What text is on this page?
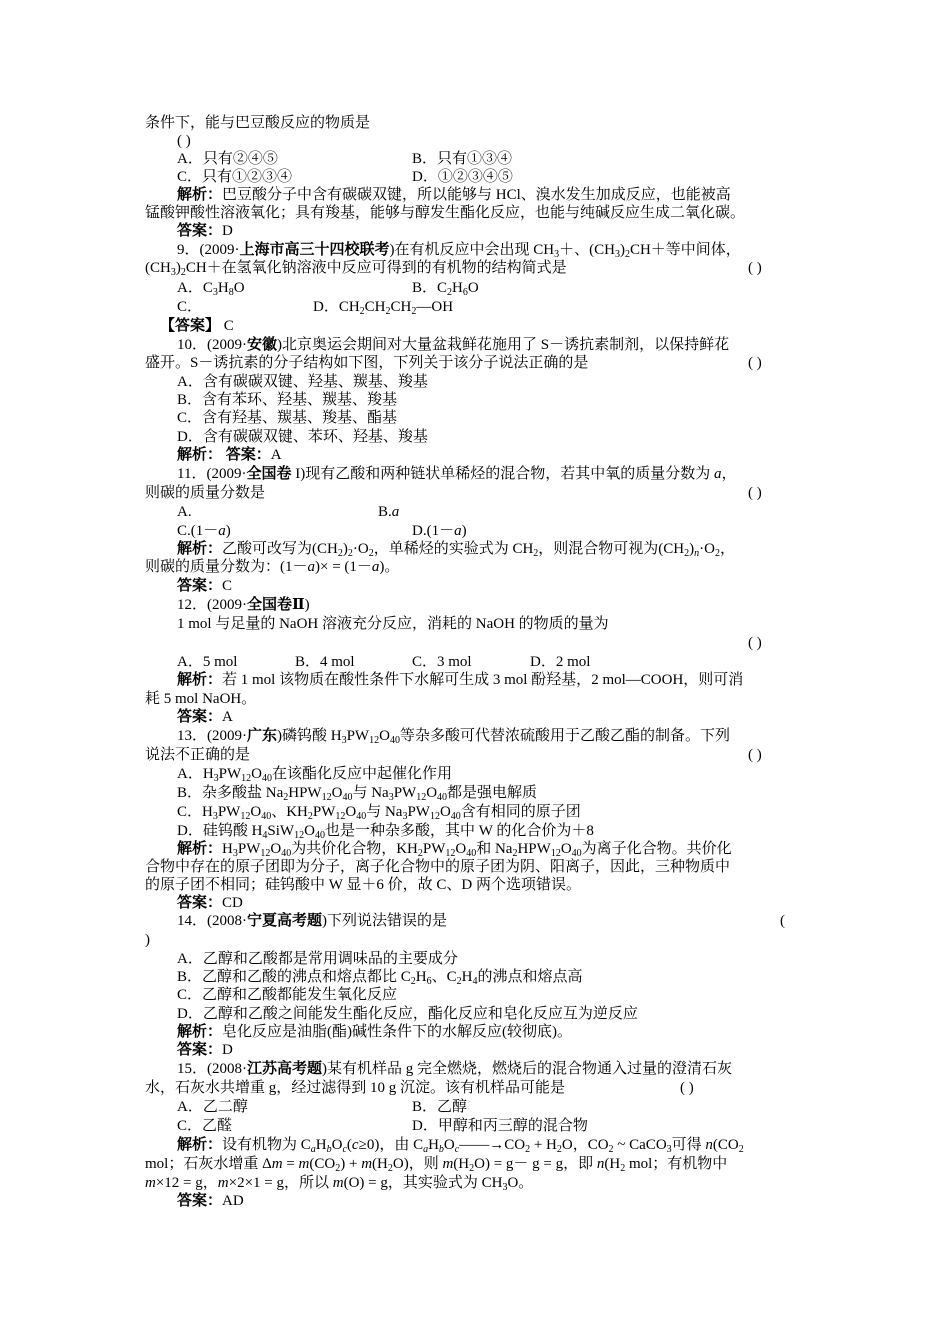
条件下，能与巴豆酸反应的物质是
( )
A．只有②④⑤	B．只有①③④
C．只有①②③④	D．①②③④⑤
解析：巴豆酸分子中含有碳碳双键，所以能够与 HCl、溴水发生加成反应，也能被高
锰酸钾酸性溶液氧化；具有羧基，能够与醇发生酯化反应，也能与纯碱反应生成二氧化碳。
答案：D
9．(2009·上海市高三十四校联考)在有机反应中会出现 $CH_3+$、$(CH_3)_2CH+$等中间体，
$(CH_3)_2CH+$在氢氧化钠溶液中反应可得到的有机物的结构简式是	( )
A．$C_3H_8O$	B．$C_2H_6O$
C．	D．$CH_2CH_2CH_2—OH$
【答案】 C
10．(2009·安徽)北京奥运会期间对大量盆栽鲜花施用了 S－诱抗素制剂，以保持鲜花
盛开。S－诱抗素的分子结构如下图，下列关于该分子说法正确的是	( )
A．含有碳碳双键、羟基、羰基、羧基
B．含有苯环、羟基、羰基、羧基
C．含有羟基、羰基、羧基、酯基
D．含有碳碳双键、苯环、羟基、羧基
解析： 答案：A
11．(2009·全国卷 I)现有乙酸和两种链状单稀烃的混合物，若其中氧的质量分数为 a，
则碳的质量分数是	( )
A.	B.a
C.(1－a)	D.(1－a)
解析：乙酸可改写为$(CH_2)_2\cdot O_2$，单稀烃的实验式为 $CH_2$，则混合物可视为$(CH_2)_n\cdot O_2$，
则碳的质量分数为：(1－a)× = (1－a)。
答案：C
12．(2009·全国卷Ⅱ)
1 mol 与足量的 NaOH 溶液充分反应，消耗的 NaOH 的物质的量为
( )
A．5 mol	B．4 mol	C．3 mol	D．2 mol
解析：若 1 mol 该物质在酸性条件下水解可生成 3 mol 酚羟基，2 mol—COOH，则可消
耗 5 mol NaOH。
答案：A
13．(2009·广东)磷钨酸 $H_3PW_{12}O_{40}$等杂多酸可代替浓硫酸用于乙酸乙酯的制备。下列
说法不正确的是	( )
A．$H_3PW_{12}O_{40}$在该酯化反应中起催化作用
B．杂多酸盐 $Na_2HPW_{12}O_{40}$与 $Na_3PW_{12}O_{40}$都是强电解质
C．$H_3PW_{12}O_{40}$、$KH_2PW_{12}O_{40}$与 $Na_3PW_{12}O_{40}$含有相同的原子团
D．硅钨酸 $H_4SiW_{12}O_{40}$也是一种杂多酸，其中 W 的化合价为＋8
解析：$H_3PW_{12}O_{40}$为共价化合物，$KH_2PW_{12}O_{40}$和 $Na_2HPW_{12}O_{40}$为离子化合物。共价化
合物中存在的原子团即为分子，离子化合物中的原子团为阴、阳离子，因此，三种物质中
的原子团不相同；硅钨酸中 W 显＋6 价，故 C、D 两个选项错误。
答案：CD
14．(2008·宁夏高考题)下列说法错误的是	(
)
A．乙醇和乙酸都是常用调味品的主要成分
B．乙醇和乙酸的沸点和熔点都比 $C_2H_6$、$C_2H_4$的沸点和熔点高
C．乙醇和乙酸都能发生氧化反应
D．乙醇和乙酸之间能发生酯化反应，酯化反应和皂化反应互为逆反应
解析：皂化反应是油脂(酯)碱性条件下的水解反应(较彻底)。
答案：D
15．(2008·江苏高考题)某有机样品 g 完全燃烧，燃烧后的混合物通入过量的澄清石灰
水，石灰水共增重 g，经过滤得到 10 g 沉淀。该有机样品可能是	( )
A．乙二醇	B．乙醇
C．乙醛	D．甲醇和丙三醇的混合物
解析：设有机物为 $C_aH_bO_c(c\ge 0)$，由 $C_aH_bO_c——\to CO_2 + H_2O$，$CO_2$ ~ CaCO$_3$可得 $n(CO_2$
mol；石灰水增重 $\Delta m = m(CO_2) + m(H_2O)$，则 $m(H_2O) = g- g = g$，即 $n(H_2$ mol；有机物中
m×12 = g，m×2×1 = g，所以 m(O) = g，其实验式为 $CH_3O$。
答案：AD
